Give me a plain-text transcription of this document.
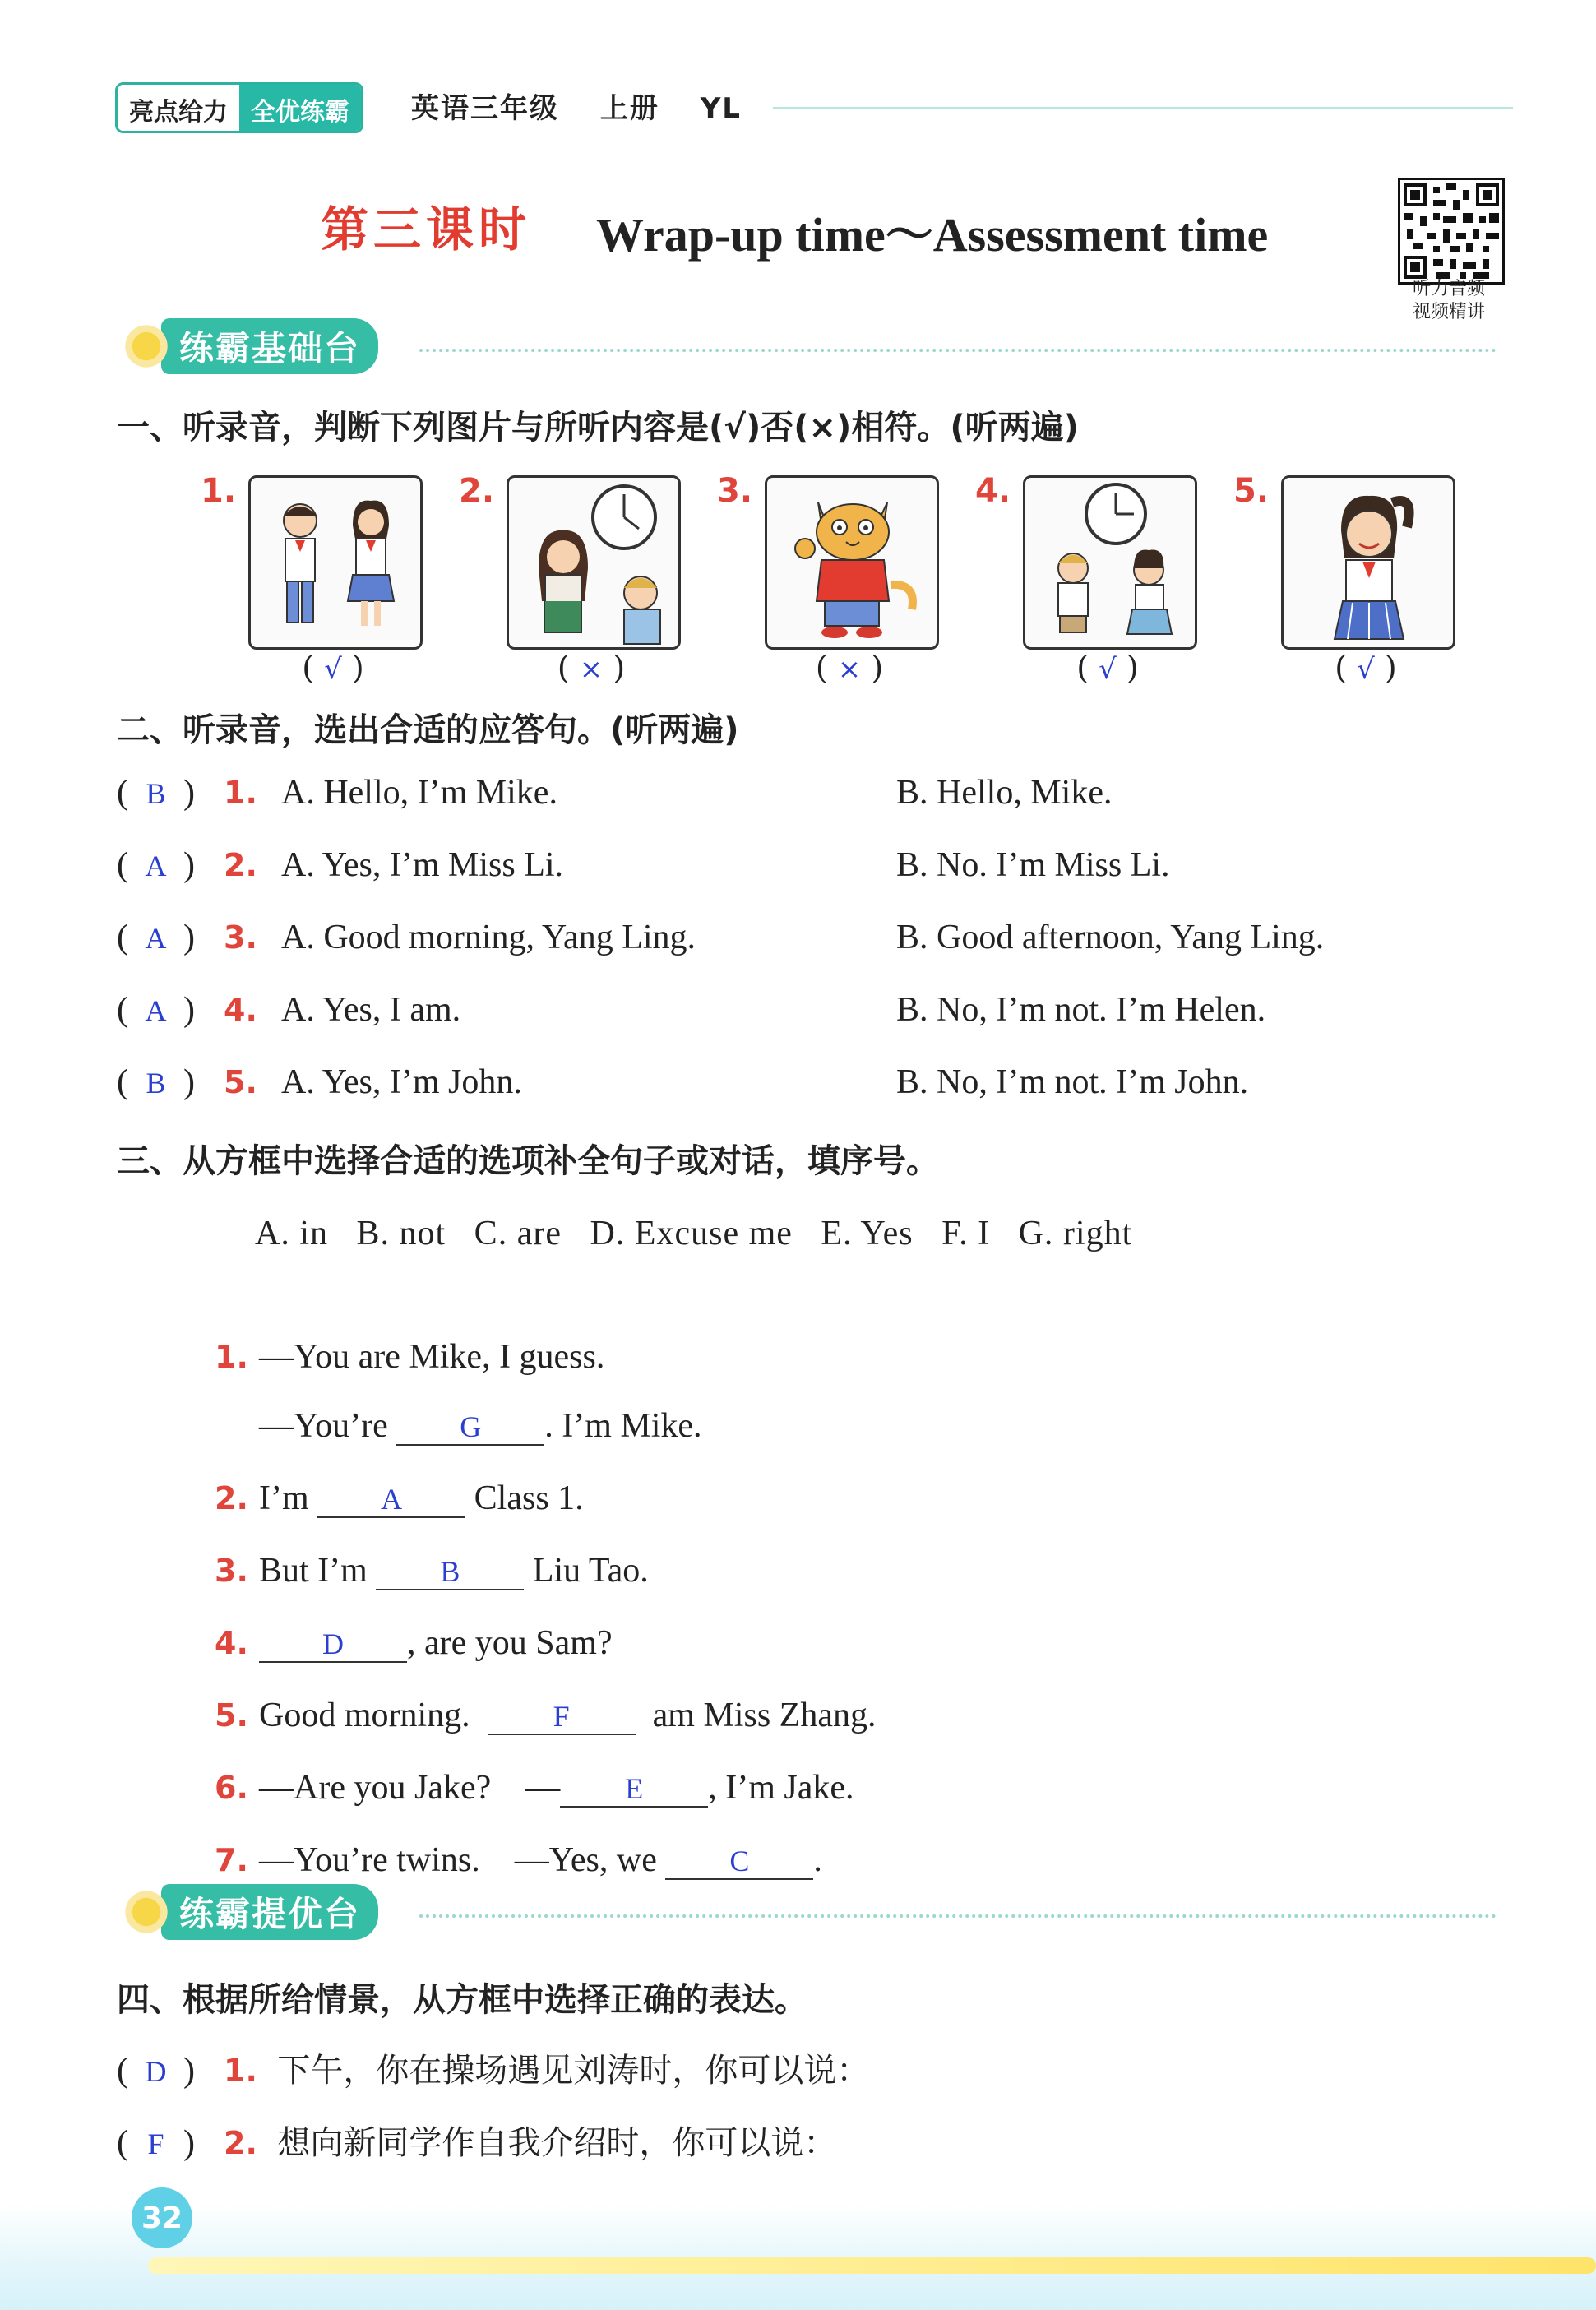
亮点给力 全优练霸	英语三年级 上册 YL
第三课时 Wrap-up time～Assessment time
听力音频
视频精讲
练霸基础台
一、听录音，判断下列图片与所听内容是(√)否(×)相符。(听两遍)
1.
( √ )
2.
( × )
3.
( × )
4.
( √ )
5.
( √ )
二、听录音，选出合适的应答句。(听两遍)
( B ) 1. A. Hello, I’m Mike.	B. Hello, Mike.
( A ) 2. A. Yes, I’m Miss Li.	B. No. I’m Miss Li.
( A ) 3. A. Good morning, Yang Ling.	B. Good afternoon, Yang Ling.
( A ) 4. A. Yes, I am.	B. No, I’m not. I’m Helen.
( B ) 5. A. Yes, I’m John.	B. No, I’m not. I’m John.
三、从方框中选择合适的选项补全句子或对话，填序号。
A. in   B. not   C. are   D. Excuse me   E. Yes   F. I   G. right

1. —You are Mike, I guess.

—You’re G . I’m Mike.

2. I’m A Class 1.

3. But I’m B Liu Tao.

4.	D , are you Sam?

5. Good morning.	F am Miss Zhang.

6. —Are you Jake?    — E , I’m Jake.

7. —You’re twins.    —Yes, we C .

练霸提优台
四、根据所给情景，从方框中选择正确的表达。
( D ) 1. 下午，你在操场遇见刘涛时，你可以说：
( F ) 2. 想向新同学作自我介绍时，你可以说：
32
